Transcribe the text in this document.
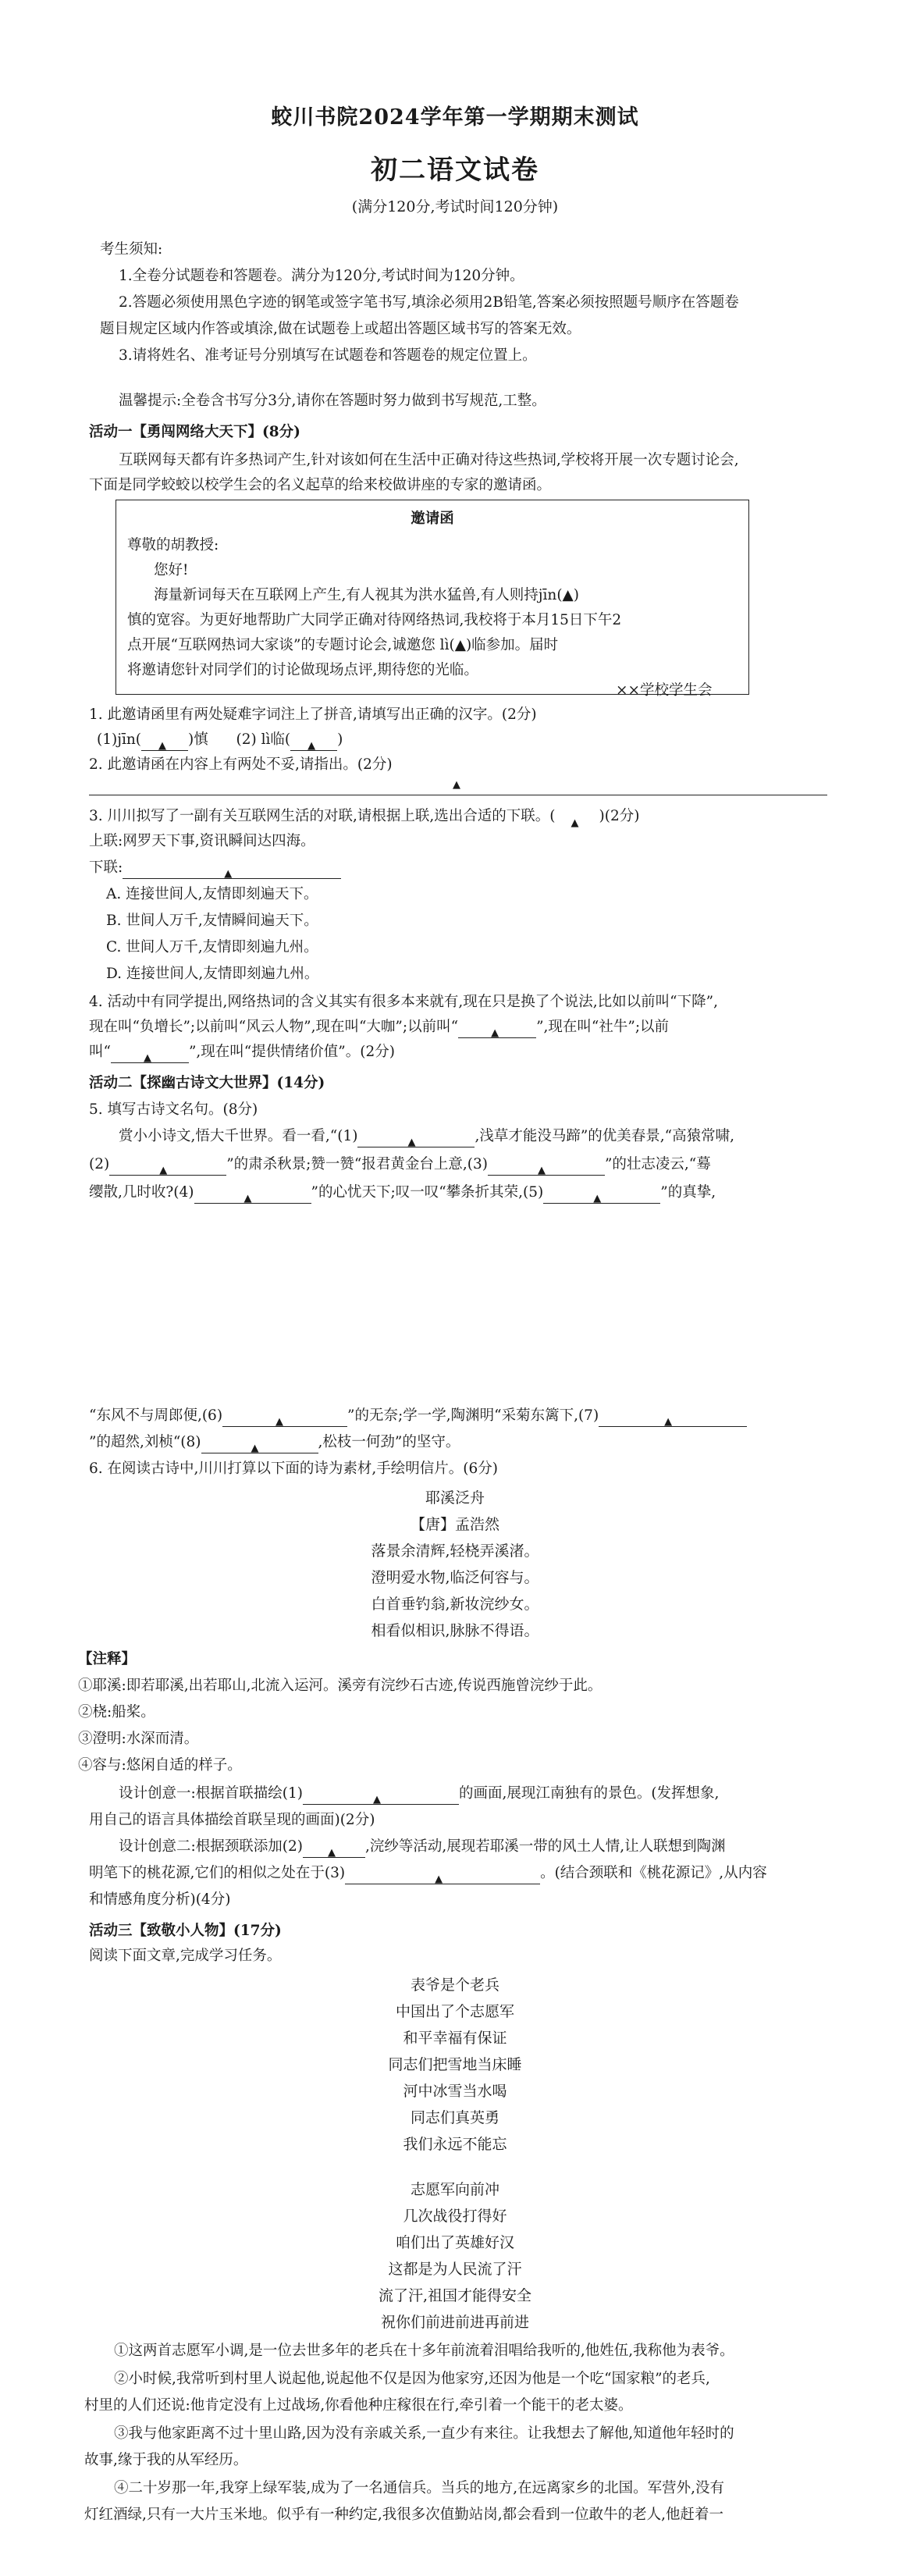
蛟川书院2024学年第一学期期末测试
初二语文试卷
(满分120分,考试时间120分钟)
考生须知:
1.全卷分试题卷和答题卷。满分为120分,考试时间为120分钟。
2.答题必须使用黑色字迹的钢笔或签字笔书写,填涂必须用2B铅笔,答案必须按照题号顺序在答题卷
题目规定区域内作答或填涂,做在试题卷上或超出答题区域书写的答案无效。
3.请将姓名、准考证号分别填写在试题卷和答题卷的规定位置上。
温馨提示:全卷含书写分3分,请你在答题时努力做到书写规范,工整。
活动一【勇闯网络大天下】(8分)
互联网每天都有许多热词产生,针对该如何在生活中正确对待这些热词,学校将开展一次专题讨论会,
下面是同学蛟蛟以校学生会的名义起草的给来校做讲座的专家的邀请函。
邀请函
尊敬的胡教授:
您好!
海量新词每天在互联网上产生,有人视其为洪水猛兽,有人则持jīn(▲)
慎的宽容。为更好地帮助广大同学正确对待网络热词,我校将于本月15日下午2
点开展“互联网热词大家谈”的专题讨论会,诚邀您 lì(▲)临参加。届时
将邀请您针对同学们的讨论做现场点评,期待您的光临。
××学校学生会
1. 此邀请函里有两处疑难字词注上了拼音,请填写出正确的汉字。(2分)
(1)jīn( ▲ )慎 (2) lì临( ▲ )
2. 此邀请函在内容上有两处不妥,请指出。(2分)
▲
3. 川川拟写了一副有关互联网生活的对联,请根据上联,选出合适的下联。( ▲ )(2分)
上联:网罗天下事,资讯瞬间达四海。
下联:	▲
A. 连接世间人,友情即刻遍天下。
B. 世间人万千,友情瞬间遍天下。
C. 世间人万千,友情即刻遍九州。
D. 连接世间人,友情即刻遍九州。
4. 活动中有同学提出,网络热词的含义其实有很多本来就有,现在只是换了个说法,比如以前叫“下降”,
现在叫“负增长”;以前叫“风云人物”,现在叫“大咖”;以前叫“	▲	”,现在叫“社牛”;以前
叫“	▲	”,现在叫“提供情绪价值”。(2分)
活动二【探幽古诗文大世界】(14分)
5. 填写古诗文名句。(8分)
赏小小诗文,悟大千世界。看一看,“(1)	▲	,浅草才能没马蹄”的优美春景,“高猿常啸,
(2)	▲	”的肃杀秋景;赞一赞“报君黄金台上意,(3)	▲	”的壮志凌云,“蓦
缨散,几时收?(4)	▲	”的心忧天下;叹一叹“攀条折其荣,(5)	▲	”的真挚,
“东风不与周郎便,(6)	▲	”的无奈;学一学,陶渊明“采菊东篱下,(7)	▲
”的超然,刘桢“(8)	▲	,松枝一何劲”的坚守。
6. 在阅读古诗中,川川打算以下面的诗为素材,手绘明信片。(6分)
耶溪泛舟
【唐】孟浩然
落景余清辉,轻桡弄溪渚。
澄明爱水物,临泛何容与。
白首垂钓翁,新妆浣纱女。
相看似相识,脉脉不得语。
【注释】
①耶溪:即若耶溪,出若耶山,北流入运河。溪旁有浣纱石古迹,传说西施曾浣纱于此。
②桡:船桨。
③澄明:水深而清。
④容与:悠闲自适的样子。
设计创意一:根据首联描绘(1)	▲	的画面,展现江南独有的景色。(发挥想象,
用自己的语言具体描绘首联呈现的画面)(2分)
设计创意二:根据颈联添加(2) ▲ ,浣纱等活动,展现若耶溪一带的风土人情,让人联想到陶渊
明笔下的桃花源,它们的相似之处在于(3)	▲	。(结合颈联和《桃花源记》,从内容
和情感角度分析)(4分)
活动三【致敬小人物】(17分)
阅读下面文章,完成学习任务。
表爷是个老兵
中国出了个志愿军
和平幸福有保证
同志们把雪地当床睡
河中冰雪当水喝
同志们真英勇
我们永远不能忘
志愿军向前冲
几次战役打得好
咱们出了英雄好汉
这都是为人民流了汗
流了汗,祖国才能得安全
祝你们前进前进再前进
①这两首志愿军小调,是一位去世多年的老兵在十多年前流着泪唱给我听的,他姓伍,我称他为表爷。
②小时候,我常听到村里人说起他,说起他不仅是因为他家穷,还因为他是一个吃“国家粮”的老兵,
村里的人们还说:他肯定没有上过战场,你看他种庄稼很在行,牵引着一个能干的老太婆。
③我与他家距离不过十里山路,因为没有亲戚关系,一直少有来往。让我想去了解他,知道他年轻时的
故事,缘于我的从军经历。
④二十岁那一年,我穿上绿军装,成为了一名通信兵。当兵的地方,在远离家乡的北国。军营外,没有
灯红酒绿,只有一大片玉米地。似乎有一种约定,我很多次值勤站岗,都会看到一位敢牛的老人,他赶着一
